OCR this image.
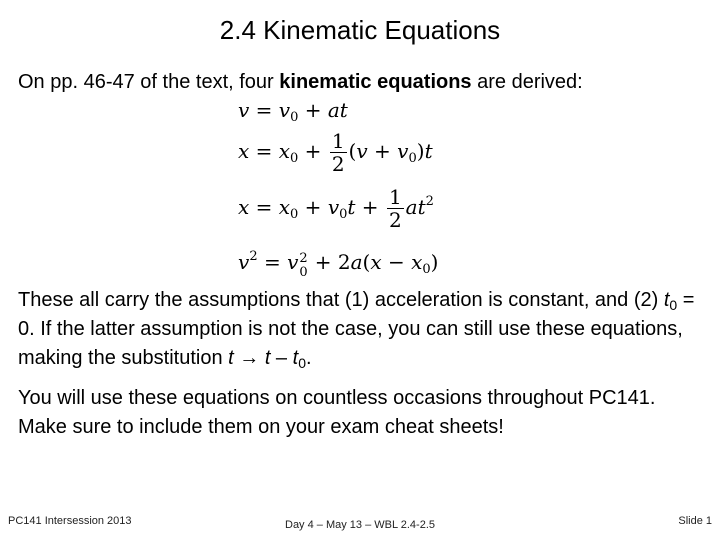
2.4 Kinematic Equations
On pp. 46-47 of the text, four kinematic equations are derived:
$v = v_0$ + at
$x = x_0 + \frac{1}{2} (v + v_0)t$
$x = x_0 + v_0t + \frac{1}{2} at^2$
$v^2 = v$ 2
$0 + 2a(x - x_0)$
These all carry the assumptions that (1) acceleration is constant, and (2) $t_0 = 0$. If the latter assumption is not the case, you can still use these equations, making the substitution $t \to t - t_0$.
You will use these equations on countless occasions throughout PC141. Make sure to include them on your exam cheat sheets!
PC141 Intersession 2013	Day 4 – May 13 – WBL 2.4-2.5	Slide 1
